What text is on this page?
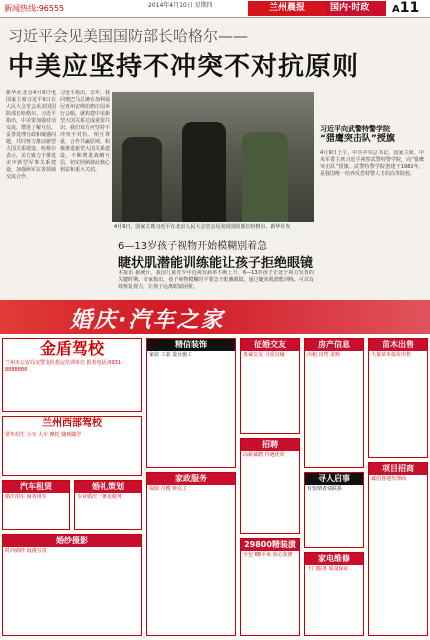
新闻热线:96555	2014年4月10日 星期四	兰州晨报	国内·时政	A11
习近平会见美国国防部长哈格尔——
中美应坚持不冲突不对抗原则
新华社北京4月9日电 国家主席习近平9日在人民大会堂会见美国国防部长哈格尔。习近平指出，中美要加强对话交流，增进了解互信，妥善处理分歧和敏感问题，共同努力推动新型大国关系建设。哈格尔表示，美方致力于推进美中新型军事关系建设，加强两军在各领域交流合作。
习近平指出，去年，我同奥巴马总统在加利福尼亚州安纳伯格庄园举行会晤，就构建中美新型大国关系达成重要共识。我们双方应坚持不冲突不对抗、相互尊重、合作共赢原则，积极推进新型大国关系建设，不断增进战略互信，切实照顾彼此核心利益和重大关切。
4月9日，国家主席习近平在北京人民大会堂会见美国国防部长哈格尔。新华社发
习近平向武警特警学院
“猎鹰突击队”授旗
4月9日上午，中共中央总书记、国家主席、中央军委主席习近平视察武警特警学院，向“猎鹰突击队”授旗。武警特警学院创建于1982年，是我国唯一培养反恐特警人才的高等院校。
6—13岁孩子视物开始模糊别着急
睫状肌潜能训练能让孩子拒绝眼镜
本报讯 据统计，我国儿童青少年近视发病率不断上升，6—13岁孩子正处于视力发育的关键时期。专家指出，孩子视物模糊时不要急于配戴眼镜，通过睫状肌潜能训练，可以有效恢复视力，让孩子远离眼镜困扰。
婚庆·汽车之家
金盾驾校
兰州市公安局交警支队指定培训单位 报名电话:0931-8888888
兰州西部驾校
常年招生 小车 大车 摩托 随到随学
汽车租赁
婚庆用车 商务用车
婚礼策划
专业婚庆一条龙服务
婚纱摄影
时尚婚纱 浪漫写真
精信装饰
家装 工装 设计施工
家政服务
保姆 月嫂 钟点工
征婚交友
真诚交友 寻觅良缘
招聘
高薪诚聘 待遇优厚
29800精装潢
全包 88平米 放心装修
房产信息
出租 出售 求购
寻人启事
有知情者请联系
家电维修
上门服务 质量保证
苗木出售
大量苗木低价出售
项目招商
诚招各地代理商
